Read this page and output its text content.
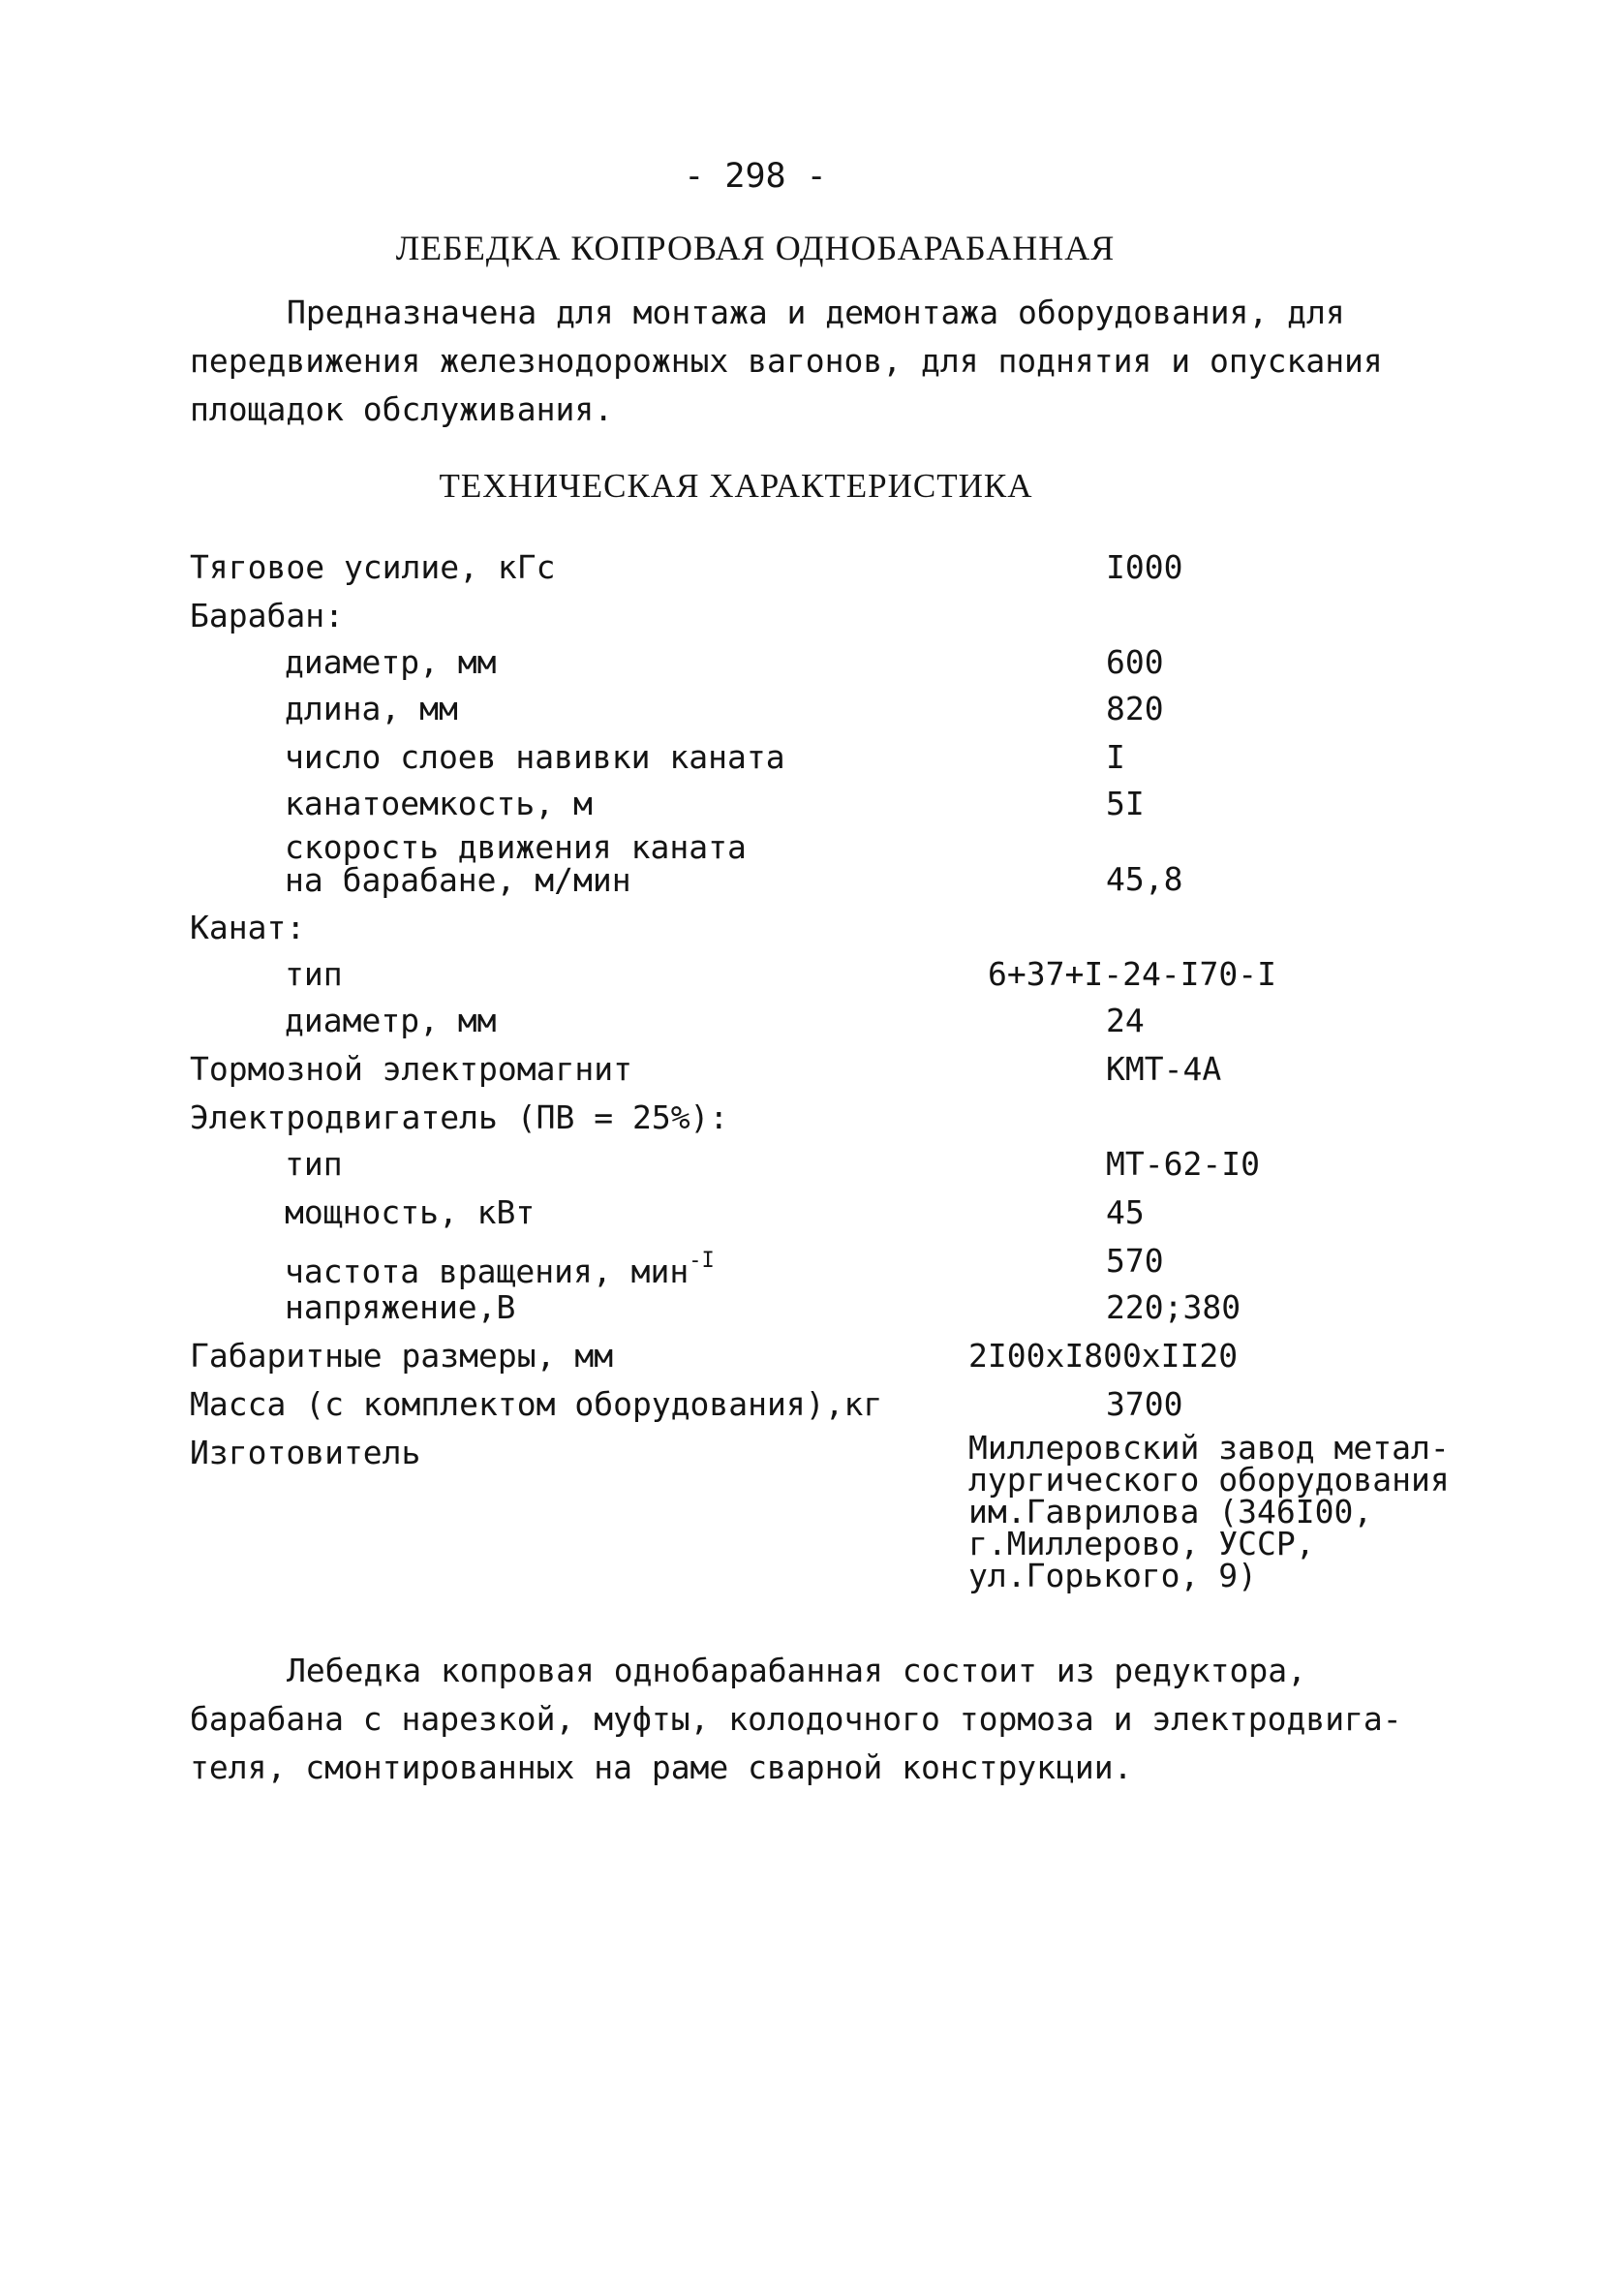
- 298 -
ЛЕБЕДКА КОПРОВАЯ ОДНОБАРАБАННАЯ

Предназначена для монтажа и демонтажа оборудования, для

передвижения железнодорожных вагонов, для поднятия и опускания

площадок обслуживания.

ТЕХНИЧЕСКАЯ ХАРАКТЕРИСТИКА
Тяговое усилие, кГс	I000
Барабан:
диаметр, мм	600
длина, мм	820
число слоев навивки каната	I
канатоемкость, м	5I
скорость движения каната
на барабане, м/мин	45,8
Канат:
тип	6+37+I-24-I70-I
диаметр, мм	24
Тормозной электромагнит	КМТ-4А
Электродвигатель (ПВ = 25%):
тип	МТ-62-I0
мощность, кВт	45
частота вращения, мин$^{-I}$	570
напряжение,В	220;380
Габаритные размеры, мм	2I00хI800хII20
Масса (с комплектом оборудования),кг	3700
Изготовитель	Миллеровский завод метал-
лургического оборудования
им.Гаврилова (346I00,
г.Миллерово, УССР,
ул.Горького, 9)

Лебедка копровая однобарабанная состоит из редуктора,

барабана с нарезкой, муфты, колодочного тормоза и электродвига-

теля, смонтированных на раме сварной конструкции.
